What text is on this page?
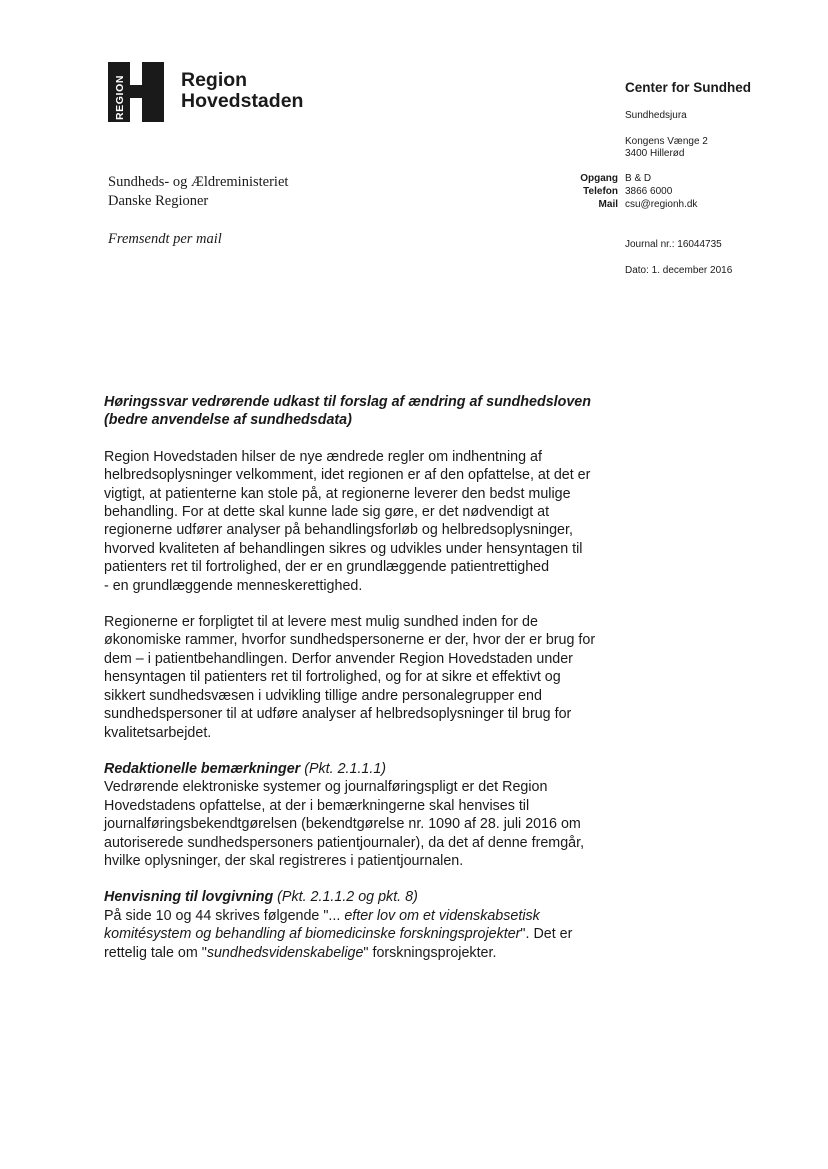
REGION	Region
Hovedstaden
Center for Sundhed
Sundhedsjura
Kongens Vænge 2
3400 Hillerød
Opgang
Telefon
Mail
B & D
3866 6000
csu@regionh.dk
Journal nr.: 16044735
Dato: 1. december 2016
Sundheds- og Ældreministeriet
Danske Regioner
Fremsendt per mail

Høringssvar vedrørende udkast til forslag af ændring af sundhedsloven
(bedre anvendelse af sundhedsdata)

Region Hovedstaden hilser de nye ændrede regler om indhentning af
helbredsoplysninger velkomment, idet regionen er af den opfattelse, at det er
vigtigt, at patienterne kan stole på, at regionerne leverer den bedst mulige
behandling. For at dette skal kunne lade sig gøre, er det nødvendigt at
regionerne udfører analyser på behandlingsforløb og helbredsoplysninger,
hvorved kvaliteten af behandlingen sikres og udvikles under hensyntagen til
patienters ret til fortrolighed, der er en grundlæggende patientrettighed
- en grundlæggende menneskerettighed.

Regionerne er forpligtet til at levere mest mulig sundhed inden for de
økonomiske rammer, hvorfor sundhedspersonerne er der, hvor der er brug for
dem – i patientbehandlingen. Derfor anvender Region Hovedstaden under
hensyntagen til patienters ret til fortrolighed, og for at sikre et effektivt og
sikkert sundhedsvæsen i udvikling tillige andre personalegrupper end
sundhedspersoner til at udføre analyser af helbredsoplysninger til brug for
kvalitetsarbejdet.

Redaktionelle bemærkninger (Pkt. 2.1.1.1)
Vedrørende elektroniske systemer og journalføringspligt er det Region
Hovedstadens opfattelse, at der i bemærkningerne skal henvises til
journalføringsbekendtgørelsen (bekendtgørelse nr. 1090 af 28. juli 2016 om
autoriserede sundhedspersoners patientjournaler), da det af denne fremgår,
hvilke oplysninger, der skal registreres i patientjournalen.

Henvisning til lovgivning (Pkt. 2.1.1.2 og pkt. 8)
På side 10 og 44 skrives følgende "... efter lov om et videnskabsetisk
komitésystem og behandling af biomedicinske forskningsprojekter". Det er
rettelig tale om "sundhedsvidenskabelige" forskningsprojekter.
